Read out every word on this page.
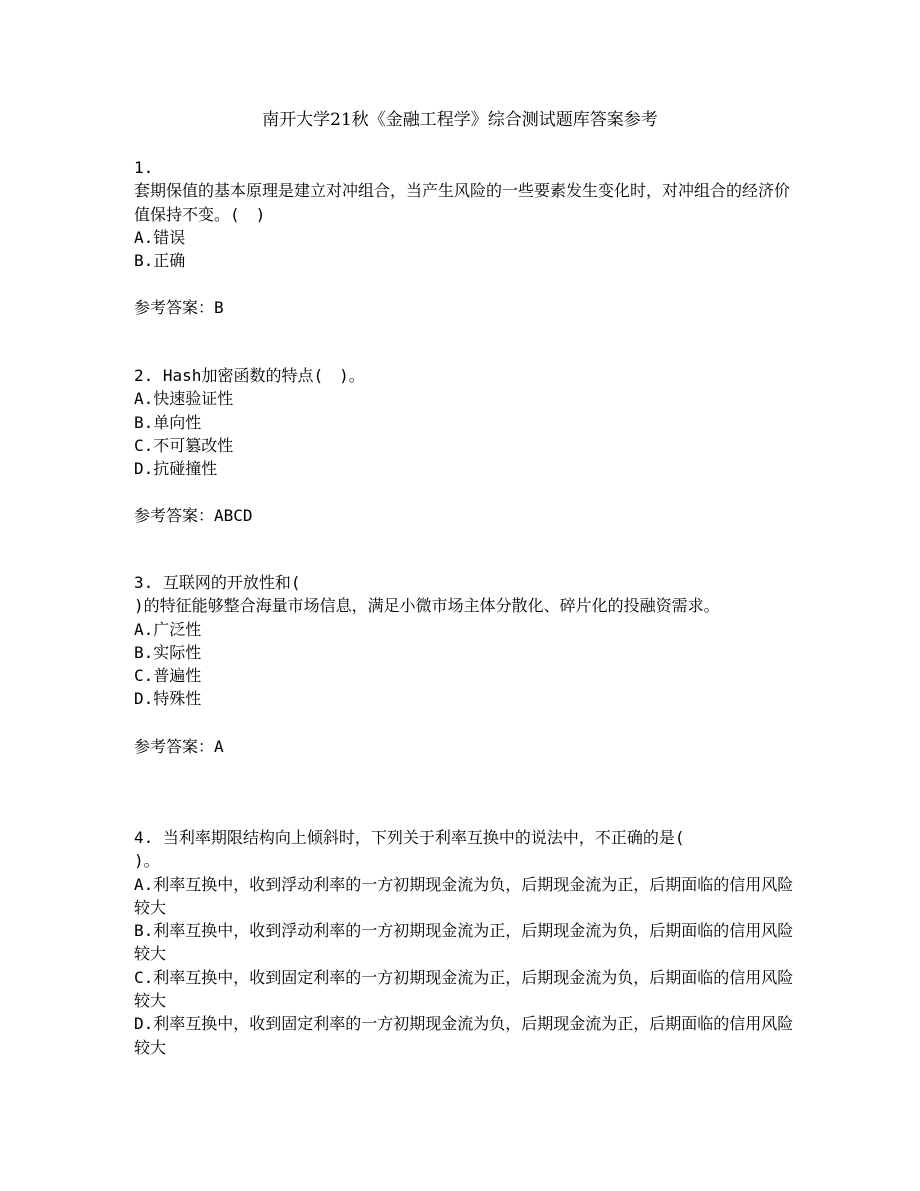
南开大学21秋《金融工程学》综合测试题库答案参考
1.
套期保值的基本原理是建立对冲组合，当产生风险的一些要素发生变化时，对冲组合的经济价值保持不变。(　)
A.错误
B.正确
参考答案：B
2. Hash加密函数的特点(　)。
A.快速验证性
B.单向性
C.不可篡改性
D.抗碰撞性
参考答案：ABCD
3. 互联网的开放性和(
)的特征能够整合海量市场信息，满足小微市场主体分散化、碎片化的投融资需求。
A.广泛性
B.实际性
C.普遍性
D.特殊性
参考答案：A
4. 当利率期限结构向上倾斜时，下列关于利率互换中的说法中，不正确的是(
)。
A.利率互换中，收到浮动利率的一方初期现金流为负，后期现金流为正，后期面临的信用风险较大
B.利率互换中，收到浮动利率的一方初期现金流为正，后期现金流为负，后期面临的信用风险较大
C.利率互换中，收到固定利率的一方初期现金流为正，后期现金流为负，后期面临的信用风险较大
D.利率互换中，收到固定利率的一方初期现金流为负，后期现金流为正，后期面临的信用风险较大
